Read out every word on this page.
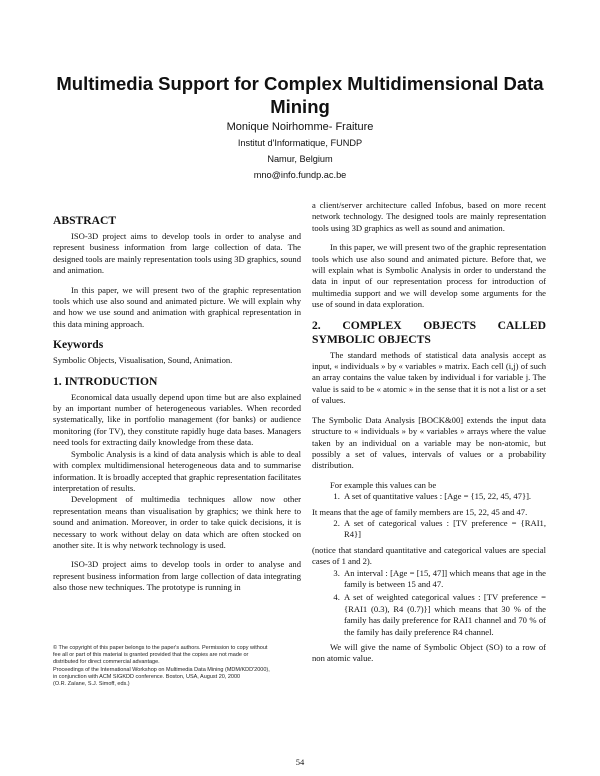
Multimedia Support for Complex Multidimensional Data Mining
Monique Noirhomme- Fraiture
Institut d'Informatique, FUNDP
Namur, Belgium
mno@info.fundp.ac.be
ABSTRACT

ISO-3D project aims to develop tools in order to analyse and represent business information from large collection of data. The designed tools are mainly representation tools using 3D graphics, sound and animation.

In this paper, we will present two of the graphic representation tools which use also sound and animated picture. We will explain why and how we use sound and animation with graphical representation in this data mining approach.

Keywords

Symbolic Objects, Visualisation, Sound, Animation.

1. INTRODUCTION

Economical data usually depend upon time but are also explained by an important number of heterogeneous variables. When recorded systematically, like in portfolio management (for banks) or audience monitoring (for TV), they constitute rapidly huge data bases. Managers need tools for extracting daily knowledge from these data.

Symbolic Analysis is a kind of data analysis which is able to deal with complex multidimensional heterogeneous data and to summarise information. It is broadly accepted that graphic representation facilitates interpretation of results.

Development of multimedia techniques allow now other representation means than visualisation by graphics; we think here to sound and animation. Moreover, in order to take quick decisions, it is necessary to work without delay on data which are often stocked on another site. It is why network technology is used.

ISO-3D project aims to develop tools in order to analyse and represent business information from large collection of data integrating also those new techniques. The prototype is running in

© The copyright of this paper belongs to the paper's authors. Permission to copy without
fee all or part of this material is granted provided that the copies are not made or
distributed for direct commercial advantage.
Proceedings of the International Workshop on Multimedia Data Mining (MDM/KDD'2000),
in conjunction with ACM SIGKDD conference. Boston, USA, August 20, 2000
(O.R. Zaïane, S.J. Simoff, eds.)

a client/server architecture called Infobus, based on more recent network technology. The designed tools are mainly representation tools using 3D graphics as well as sound and animation.

In this paper, we will present two of the graphic representation tools which use also sound and animated picture. Before that, we will explain what is Symbolic Analysis in order to understand the data in input of our representation process for introduction of multimedia support and we will develop some arguments for the use of sound in data exploration.

2. COMPLEX OBJECTS CALLED SYMBOLIC OBJECTS

The standard methods of statistical data analysis accept as input, « individuals » by « variables » matrix. Each cell (i,j) of such an array contains the value taken by individual i for variable j. The value is said to be « atomic » in the sense that it is not a list or a set of values.

The Symbolic Data Analysis [BOCK&00] extends the input data structure to « individuals » by « variables » arrays where the value taken by an individual on a variable may be non-atomic, but possibly a set of values, intervals of values or a probability distribution.

For example this values can be

1. A set of quantitative values : [Age = {15, 22, 45, 47}].

It means that the age of family members are 15, 22, 45 and 47.

2. A set of categorical values : [TV preference = {RAI1, R4}]

(notice that standard quantitative and categorical values are special cases of 1 and 2).

3. An interval : [Age = [15, 47]] which means that age in the family is between 15 and 47.
4. A set of weighted categorical values : [TV preference = {RAI1 (0.3), R4 (0.7)}] which means that 30 % of the family has daily preference for RAI1 channel and 70 % of the family has daily preference R4 channel.

We will give the name of Symbolic Object (SO) to a row of non atomic value.

54
